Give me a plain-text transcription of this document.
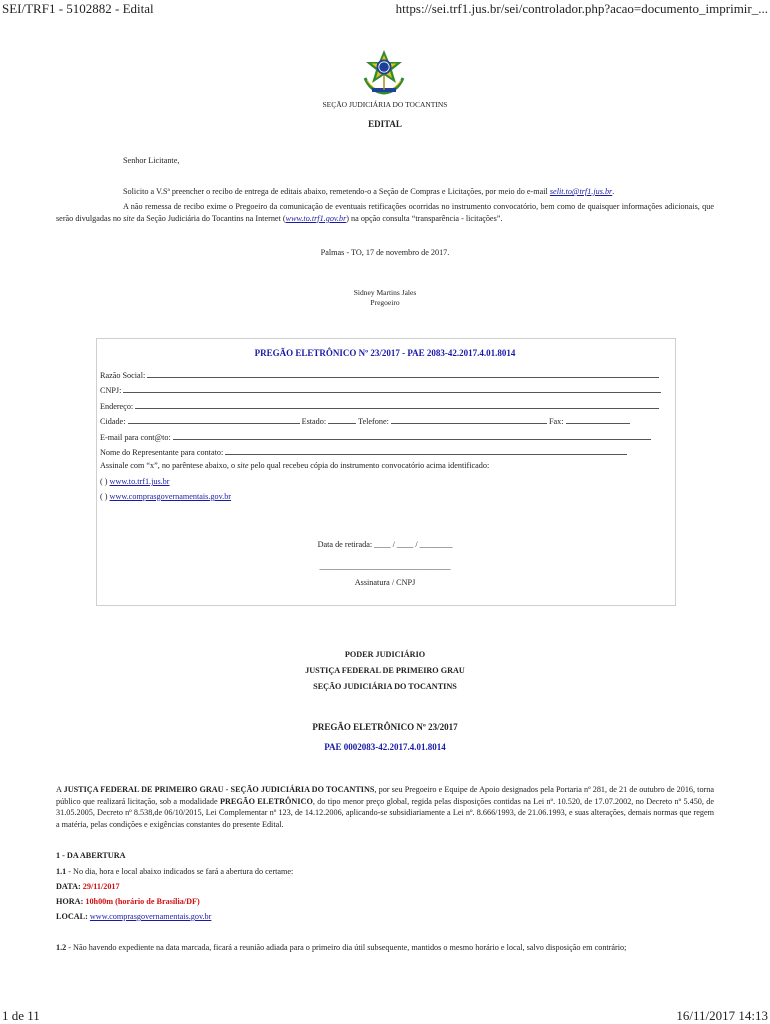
SEI/TRF1 - 5102882 - Edital	https://sei.trf1.jus.br/sei/controlador.php?acao=documento_imprimir_...
SEÇÃO JUDICIÁRIA DO TOCANTINS
EDITAL
Senhor Licitante,
Solicito a V.Sª preencher o recibo de entrega de editais abaixo, remetendo-o a Seção de Compras e Licitações, por meio do e-mail selit.to@trf1.jus.br.
A não remessa de recibo exime o Pregoeiro da comunicação de eventuais retificações ocorridas no instrumento convocatório, bem como de quaisquer informações adicionais, que serão divulgadas no site da Seção Judiciária do Tocantins na Internet (www.to.trf1.gov.br) na opção consulta “transparência - licitações”.
Palmas - TO, 17 de novembro de 2017.
Sidney Martins Jales
Pregoeiro
PREGÃO ELETRÔNICO Nº 23/2017 - PAE 2083-42.2017.4.01.8014
Razão Social:
CNPJ:
Endereço:
Cidade:	Estado:	Telefone:	Fax:
E-mail para cont@to:
Nome do Representante para contato:
Assinale com “x”, no parêntese abaixo, o site pelo qual recebeu cópia do instrumento convocatório acima identificado:
( ) www.to.trf1.jus.br
( ) www.comprasgovernamentais.gov.br
Data de retirada: ____ / ____ / ________
________________________________
Assinatura / CNPJ
PODER JUDICIÁRIO
JUSTIÇA FEDERAL DE PRIMEIRO GRAU
SEÇÃO JUDICIÁRIA DO TOCANTINS
PREGÃO ELETRÔNICO Nº 23/2017
PAE 0002083-42.2017.4.01.8014
A JUSTIÇA FEDERAL DE PRIMEIRO GRAU - SEÇÃO JUDICIÁRIA DO TOCANTINS, por seu Pregoeiro e Equipe de Apoio designados pela Portaria nº 281, de 21 de outubro de 2016, torna público que realizará licitação, sob a modalidade PREGÃO ELETRÔNICO, do tipo menor preço global, regida pelas disposições contidas na Lei nº. 10.520, de 17.07.2002, no Decreto nº 5.450, de 31.05.2005, Decreto nº 8.538,de 06/10/2015, Lei Complementar nº 123, de 14.12.2006, aplicando-se subsidiariamente a Lei nº. 8.666/1993, de 21.06.1993, e suas alterações, demais normas que regem a matéria, pelas condições e exigências constantes do presente Edital.
1 - DA ABERTURA
1.1 - No dia, hora e local abaixo indicados se fará a abertura do certame:
DATA: 29/11/2017
HORA: 10h00m (horário de Brasília/DF)
LOCAL: www.comprasgovernamentais.gov.br
1.2 - Não havendo expediente na data marcada, ficará a reunião adiada para o primeiro dia útil subsequente, mantidos o mesmo horário e local, salvo disposição em contrário;
1 de 11	16/11/2017 14:13
